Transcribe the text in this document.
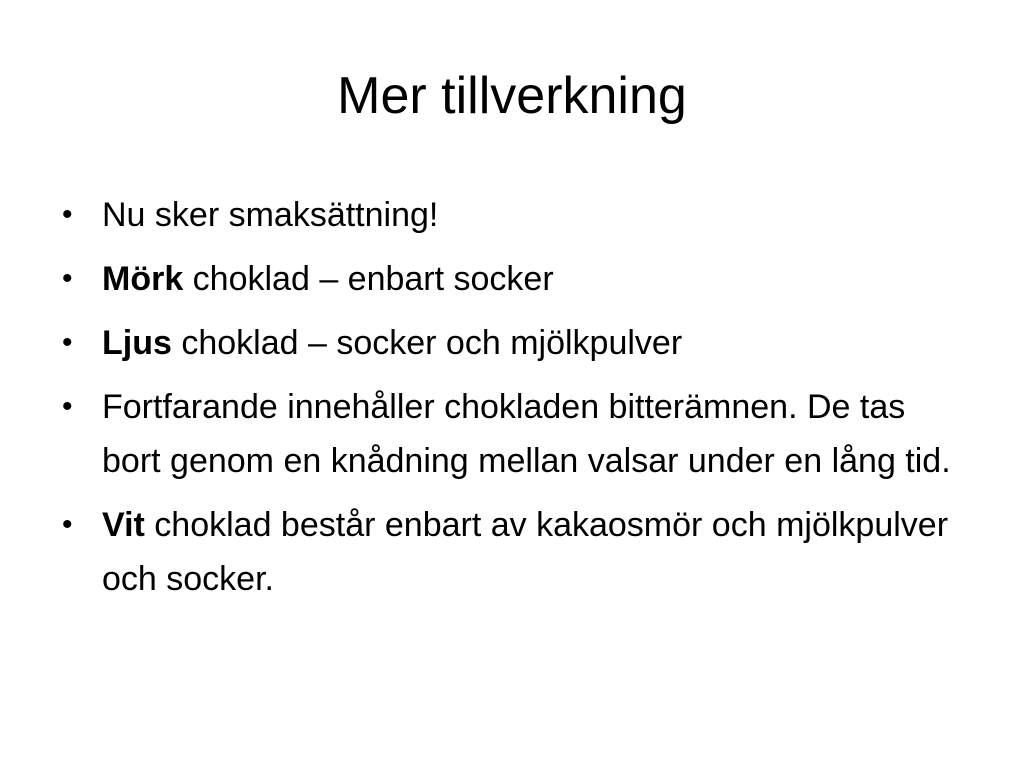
Mer tillverkning
• Nu sker smaksättning!
• Mörk choklad – enbart socker
• Ljus choklad – socker och mjölkpulver
• Fortfarande innehåller chokladen bitterämnen. De tas bort genom en knådning mellan valsar under en lång tid.
• Vit choklad består enbart av kakaosmör och mjölkpulver och socker.
